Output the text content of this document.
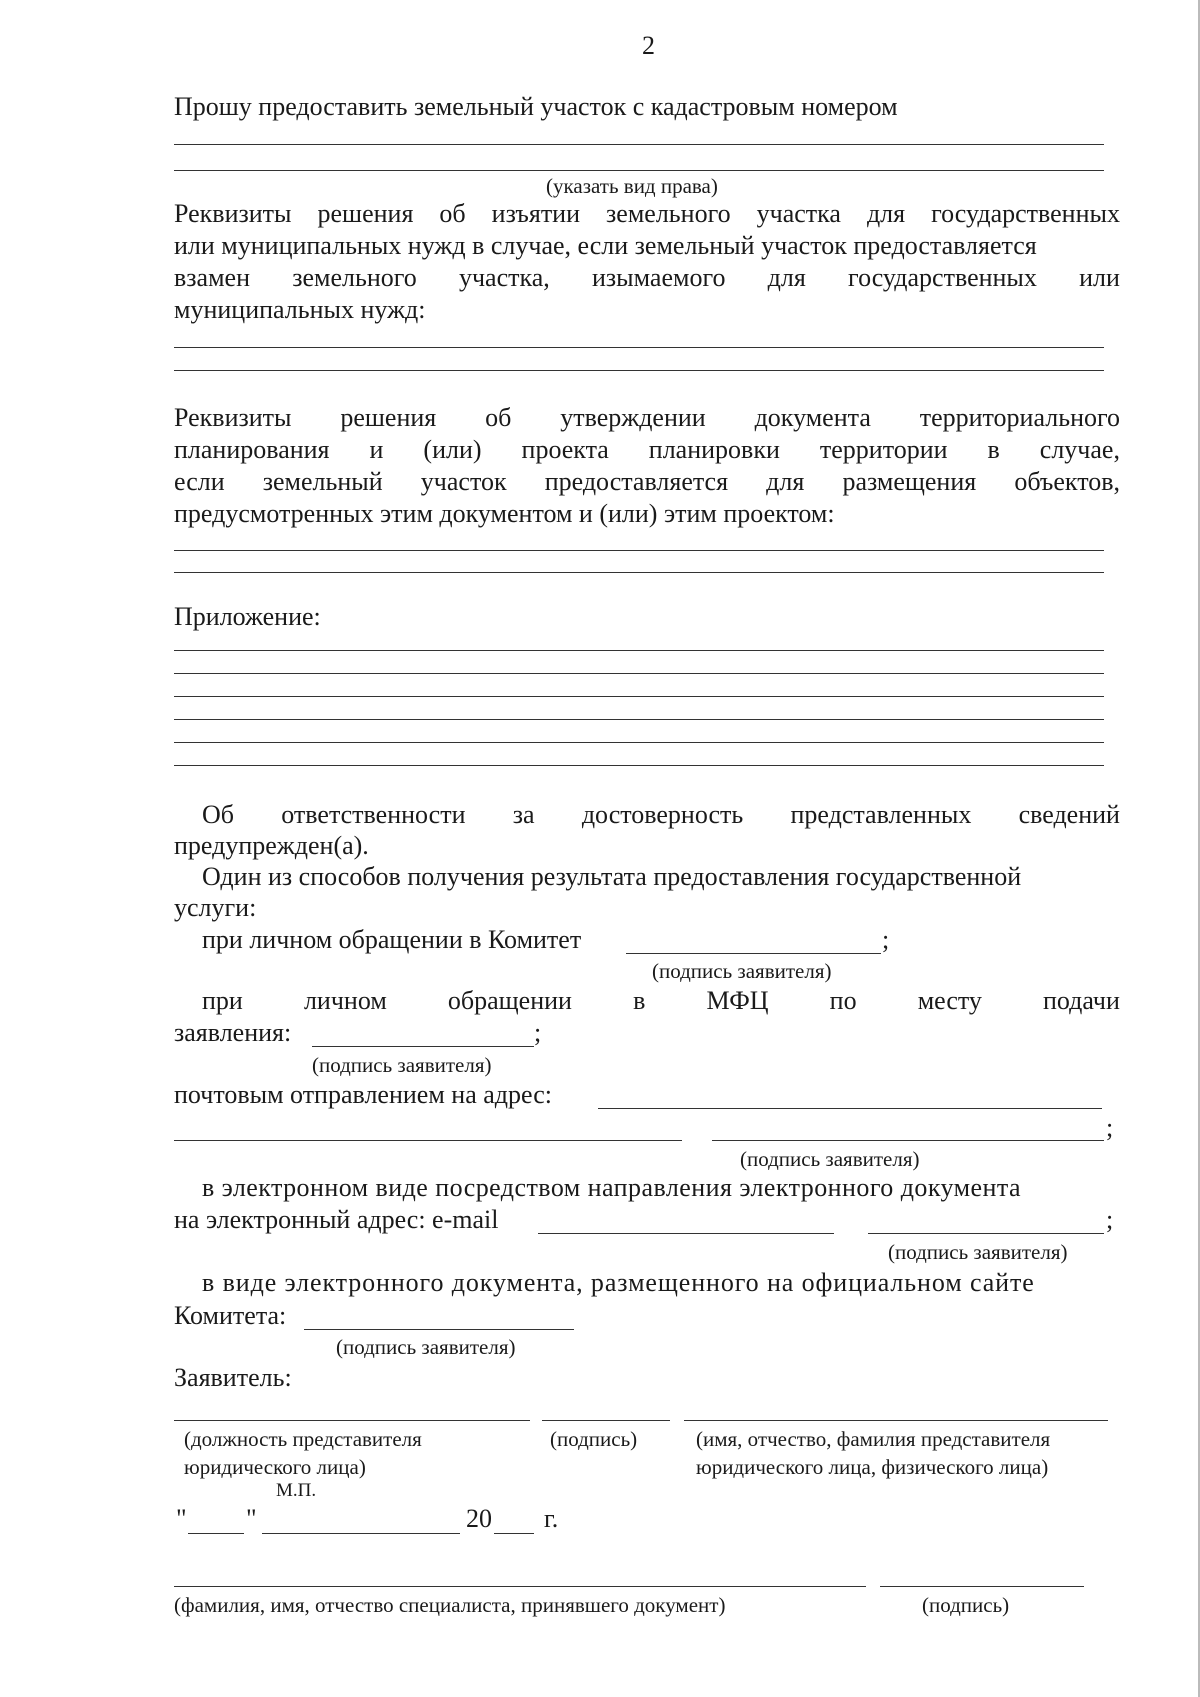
2
Прошу предоставить земельный участок с кадастровым номером
(указать вид права)
Реквизиты решения об изъятии земельного участка для государственных
или муниципальных нужд в случае, если земельный участок предоставляется
взамен земельного участка, изымаемого для государственных или
муниципальных нужд:
Реквизиты решения об утверждении документа территориального
планирования и (или) проекта планировки территории в случае,
если земельный участок предоставляется для размещения объектов,
предусмотренных этим документом и (или) этим проектом:
Приложение:
Об ответственности за достоверность представленных сведений
предупрежден(а).
Один из способов получения результата предоставления государственной
услуги:
при личном обращении в Комитет	;
(подпись заявителя)
при личном обращении в МФЦ по месту подачи
заявления:	;
(подпись заявителя)
почтовым отправлением на адрес:
;
(подпись заявителя)
в электронном виде посредством направления электронного документа
на электронный адрес: e-mail	;
(подпись заявителя)
в виде электронного документа, размещенного на официальном сайте
Комитета:
(подпись заявителя)
Заявитель:
(должность представителя
юридического лица)
(подпись)	(имя, отчество, фамилия представителя
юридического лица, физического лица)
М.П.
" "	20 г.
(фамилия, имя, отчество специалиста, принявшего документ)	(подпись)
